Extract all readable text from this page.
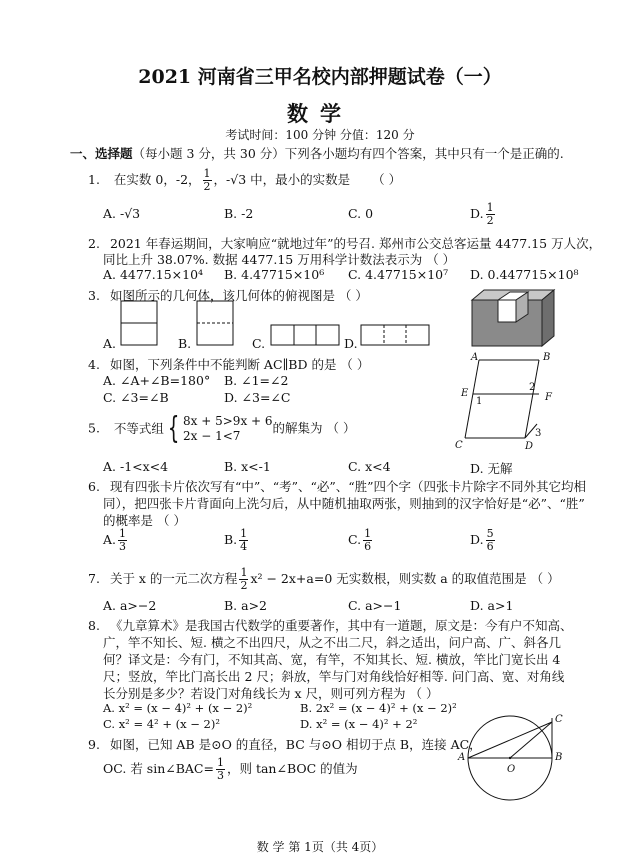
2021 河南省三甲名校内部押题试卷（一）
数学
考试时间：100 分钟 分值：120 分
一、选择题（每小题 3 分，共 30 分）下列各小题均有四个答案，其中只有一个是正确的.
1. 在实数 0，-2， $\frac{1}{2}$ ，-√3 中，最小的实数是 （ ）
A. -√3	B. -2	C. 0	D. $\frac{1}{2}$
2. 2021 年春运期间，大家响应“就地过年”的号召. 郑州市公交总客运量 4477.15 万人次，
同比上升 38.07%. 数据 4477.15 万用科学计数法表示为 （ ）
A. 4477.15×10⁴ B. 4.47715×10⁶ C. 4.47715×10⁷ D. 0.447715×10⁸
3. 如图所示的几何体，该几何体的俯视图是 （ ）
A.	B.	C.	D.
4. 如图，下列条件中不能判断 AC∥BD 的是 （ ）
A. ∠A+∠B=180° B. ∠1=∠2
C. ∠3=∠B	D. ∠3=∠C
A	B
E	F
C	D
1
2
3
5. 不等式组 { 8x + 5>9x + 6
2x − 1<7
的解集为 （ ）
A. -1<x<4	B. x<-1	C. x<4	D. 无解
6. 现有四张卡片依次写有“中”、“考”、“必”、“胜”四个字（四张卡片除字不同外其它均相
同），把四张卡片背面向上洗匀后，从中随机抽取两张，则抽到的汉字恰好是“必”、“胜”
的概率是 （ ）
A. $\frac{1}{3}$	B. $\frac{1}{4}$	C. $\frac{1}{6}$	D. $\frac{5}{6}$
7. 关于 x 的一元二次方程 $\frac{1}{2} x^2 - 2x+a=0$ 无实数根，则实数 a 的取值范围是 （ ）
A. a>−2	B. a>2	C. a>−1	D. a>1
8. 《九章算术》是我国古代数学的重要著作，其中有一道题，原文是：今有户不知高、
广，竿不知长、短. 横之不出四尺，从之不出二尺，斜之适出，问户高、广、斜各几
何？译文是：今有门，不知其高、宽，有竿，不知其长、短. 横放，竿比门宽长出 4
尺；竖放，竿比门高长出 2 尺；斜放，竿与门对角线恰好相等. 问门高、宽、对角线
长分别是多少？若设门对角线长为 x 尺，则可列方程为 （ ）
A. x² = (x − 4)² + (x − 2)²	B. 2x² = (x − 4)² + (x − 2)²
C. x² = 4² + (x − 2)²	D. x² = (x − 4)² + 2²
9. 如图，已知 AB 是⊙O 的直径，BC 与⊙O 相切于点 B，连接 AC，
OC. 若 sin∠BAC= $\frac{1}{3}$ ，则 tan∠BOC 的值为
A
O
B
C
数 学 第 1页（共 4页）
